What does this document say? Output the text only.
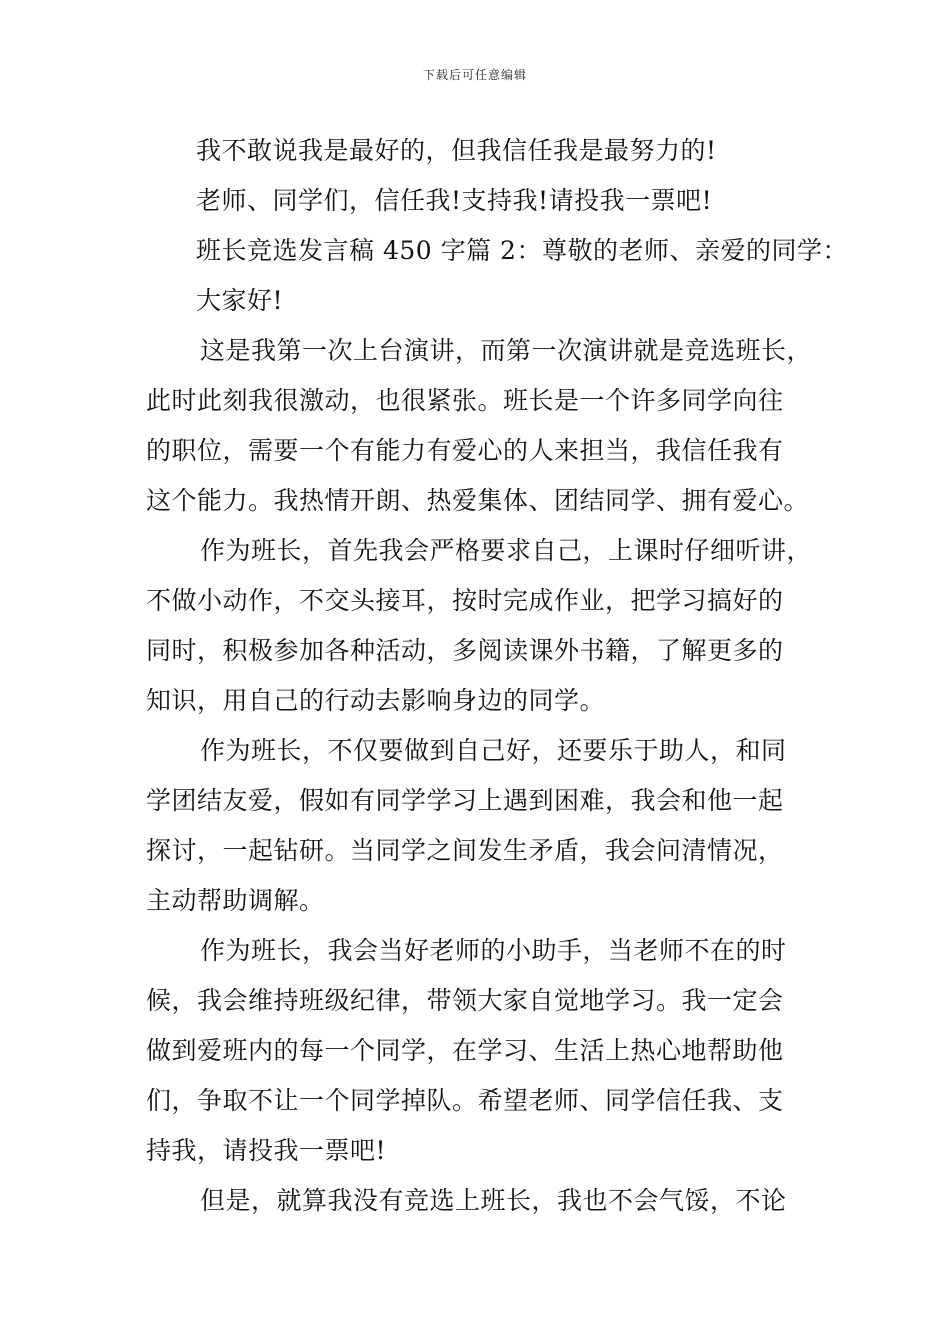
下载后可任意编辑
我不敢说我是最好的，但我信任我是最努力的!
老师、同学们，信任我!支持我!请投我一票吧!
班长竞选发言稿 450 字篇 2：尊敬的老师、亲爱的同学：
大家好!
这是我第一次上台演讲，而第一次演讲就是竞选班长，
此时此刻我很激动，也很紧张。班长是一个许多同学向往
的职位，需要一个有能力有爱心的人来担当，我信任我有
这个能力。我热情开朗、热爱集体、团结同学、拥有爱心。
作为班长，首先我会严格要求自己，上课时仔细听讲，
不做小动作，不交头接耳，按时完成作业，把学习搞好的
同时，积极参加各种活动，多阅读课外书籍，了解更多的
知识，用自己的行动去影响身边的同学。
作为班长，不仅要做到自己好，还要乐于助人，和同
学团结友爱，假如有同学学习上遇到困难，我会和他一起
探讨，一起钻研。当同学之间发生矛盾，我会问清情况，
主动帮助调解。
作为班长，我会当好老师的小助手，当老师不在的时
候，我会维持班级纪律，带领大家自觉地学习。我一定会
做到爱班内的每一个同学，在学习、生活上热心地帮助他
们，争取不让一个同学掉队。希望老师、同学信任我、支
持我，请投我一票吧!
但是，就算我没有竞选上班长，我也不会气馁，不论
